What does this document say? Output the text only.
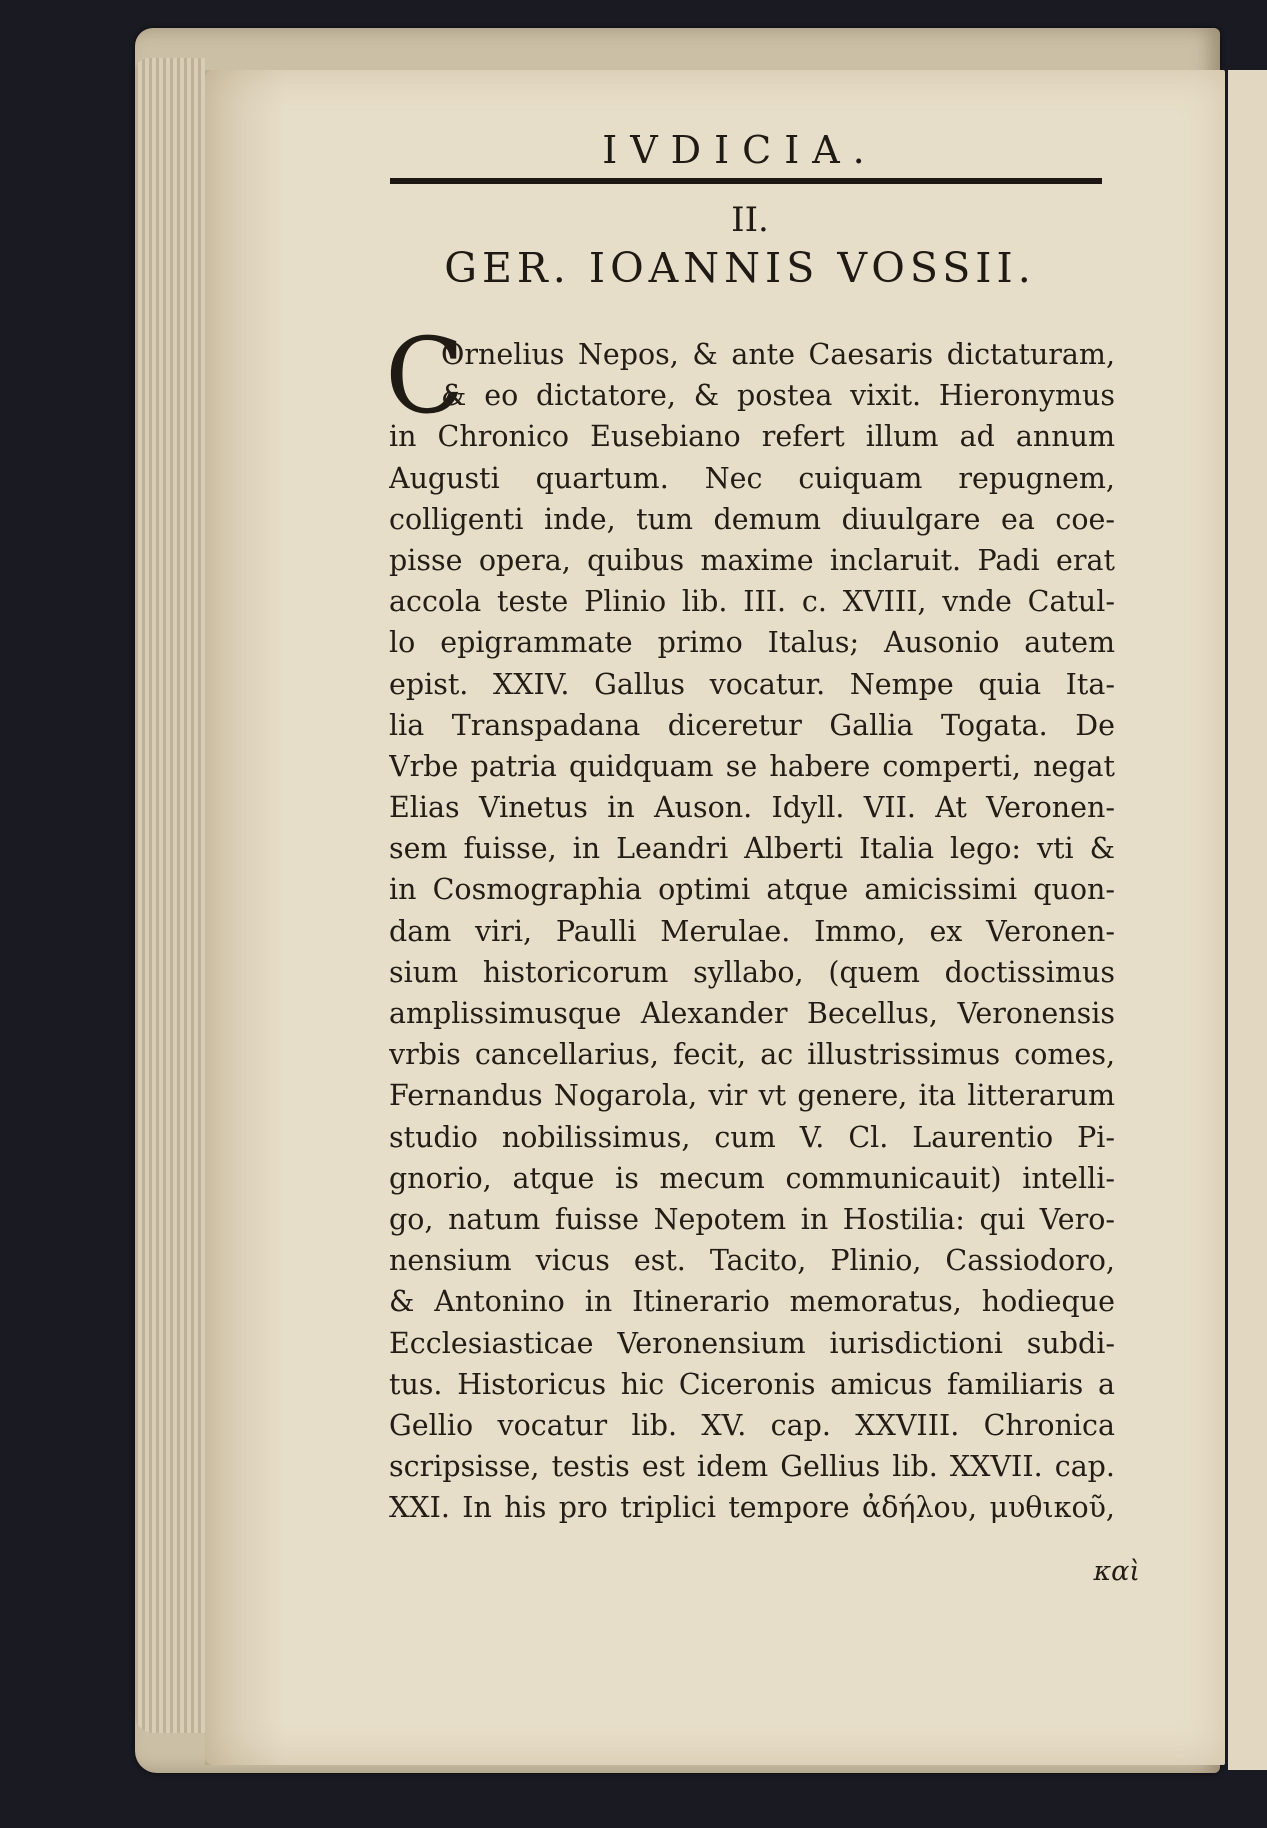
IVDICIA.
II.
GER. IOANNIS VOSSII.
C
Ornelius Nepos, & ante Caesaris dictaturam,
& eo dictatore, & postea vixit. Hieronymus
in Chronico Eusebiano refert illum ad annum
Augusti quartum. Nec cuiquam repugnem,
colligenti inde, tum demum diuulgare ea coe-
pisse opera, quibus maxime inclaruit. Padi erat
accola teste Plinio lib. III. c. XVIII, vnde Catul-
lo epigrammate primo Italus; Ausonio autem
epist. XXIV. Gallus vocatur. Nempe quia Ita-
lia Transpadana diceretur Gallia Togata. De
Vrbe patria quidquam se habere comperti, negat
Elias Vinetus in Auson. Idyll. VII. At Veronen-
sem fuisse, in Leandri Alberti Italia lego: vti &
in Cosmographia optimi atque amicissimi quon-
dam viri, Paulli Merulae. Immo, ex Veronen-
sium historicorum syllabo, (quem doctissimus
amplissimusque Alexander Becellus, Veronensis
vrbis cancellarius, fecit, ac illustrissimus comes,
Fernandus Nogarola, vir vt genere, ita litterarum
studio nobilissimus, cum V. Cl. Laurentio Pi-
gnorio, atque is mecum communicauit) intelli-
go, natum fuisse Nepotem in Hostilia: qui Vero-
nensium vicus est. Tacito, Plinio, Cassiodoro,
& Antonino in Itinerario memoratus, hodieque
Ecclesiasticae Veronensium iurisdictioni subdi-
tus. Historicus hic Ciceronis amicus familiaris a
Gellio vocatur lib. XV. cap. XXVIII. Chronica
scripsisse, testis est idem Gellius lib. XXVII. cap.
XXI. In his pro triplici tempore ἀδήλου, μυθικοῦ,
καὶ
